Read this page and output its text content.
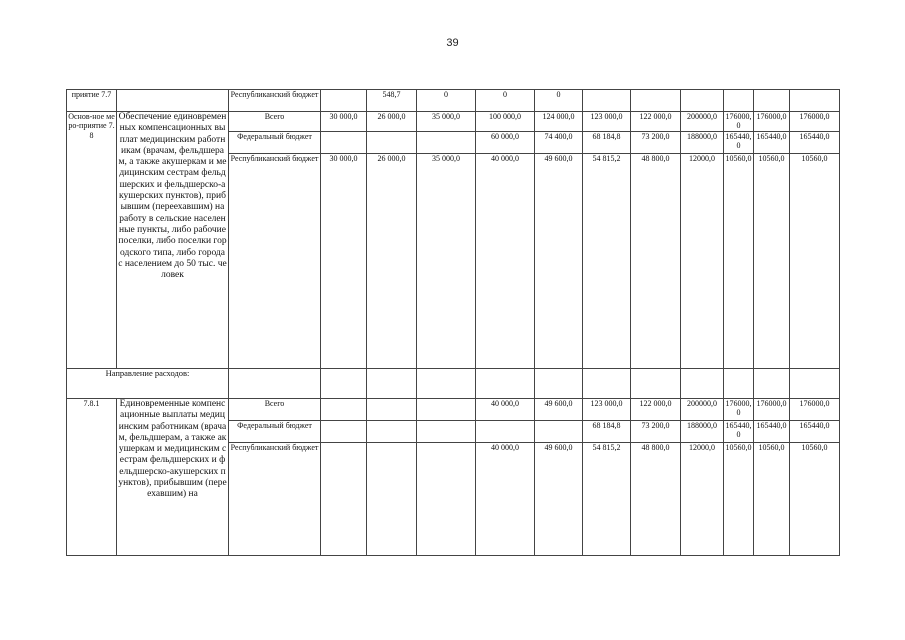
39
приятие 7.7		Республиканский бюджет		548,7	0	0	0						
Основ-ное меро-приятие 7.8	Обеспечение единовременных компенсационных выплат медицинским работникам (врачам, фельдшерам, а также акушеркам и медицинским сестрам фельдшерских и фельдшерско-акушерских пунктов), прибывшим (переехавшим) на работу в сельские населенные пункты, либо рабочие поселки, либо поселки городского типа, либо города с населением до 50 тыс. человек	Всего	30 000,0	26 000,0	35 000,0	100 000,0	124 000,0	123 000,0	122 000,0	200000,0	176000,0	176000,0	176000,0
		Федеральный бюджет				60 000,0	74 400,0	68 184,8	73 200,0	188000,0	165440,0	165440,0	165440,0
		Республиканский бюджет	30 000,0	26 000,0	35 000,0	40 000,0	49 600,0	54 815,2	48 800,0	12000,0	10560,0	10560,0	10560,0
Направление расходов:													
7.8.1	Единовременные компенсационные выплаты медицинским работникам (врачам, фельдшерам, а также акушеркам и медицинским сестрам фельдшерских и фельдшерско-акушерских пунктов), прибывшим (переехавшим) на	Всего				40 000,0	49 600,0	123 000,0	122 000,0	200000,0	176000,0	176000,0	176000,0
		Федеральный бюджет						68 184,8	73 200,0	188000,0	165440,0	165440,0	165440,0
		Республиканский бюджет				40 000,0	49 600,0	54 815,2	48 800,0	12000,0	10560,0	10560,0	10560,0
